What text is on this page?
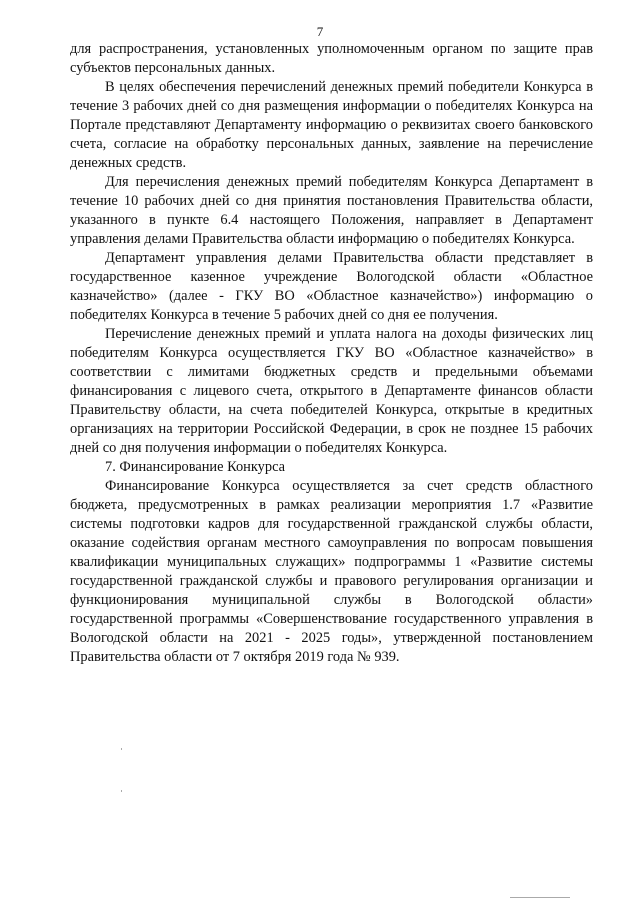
7

для распространения, установленных уполномоченным органом по защите прав субъектов персональных данных.

В целях обеспечения перечислений денежных премий победители Конкурса в течение 3 рабочих дней со дня размещения информации о победителях Конкурса на Портале представляют Департаменту информацию о реквизитах своего банковского счета, согласие на обработку персональных данных, заявление на перечисление денежных средств.

Для перечисления денежных премий победителям Конкурса Департамент в течение 10 рабочих дней со дня принятия постановления Правительства области, указанного в пункте 6.4 настоящего Положения, направляет в Департамент управления делами Правительства области информацию о победителях Конкурса.

Департамент управления делами Правительства области представляет в государственное казенное учреждение Вологодской области «Областное казначейство» (далее - ГКУ ВО «Областное казначейство») информацию о победителях Конкурса в течение 5 рабочих дней со дня ее получения.

Перечисление денежных премий и уплата налога на доходы физических лиц победителям Конкурса осуществляется ГКУ ВО «Областное казначейство» в соответствии с лимитами бюджетных средств и предельными объемами финансирования с лицевого счета, открытого в Департаменте финансов области Правительству области, на счета победителей Конкурса, открытые в кредитных организациях на территории Российской Федерации, в срок не позднее 15 рабочих дней со дня получения информации о победителях Конкурса.

7. Финансирование Конкурса

Финансирование Конкурса осуществляется за счет средств областного бюджета, предусмотренных в рамках реализации мероприятия 1.7 «Развитие системы подготовки кадров для государственной гражданской службы области, оказание содействия органам местного самоуправления по вопросам повышения квалификации муниципальных служащих» подпрограммы 1 «Развитие системы государственной гражданской службы и правового регулирования организации и функционирования муниципальной службы в Вологодской области» государственной программы «Совершенствование государственного управления в Вологодской области на 2021 - 2025 годы», утвержденной постановлением Правительства области от 7 октября 2019 года № 939.
